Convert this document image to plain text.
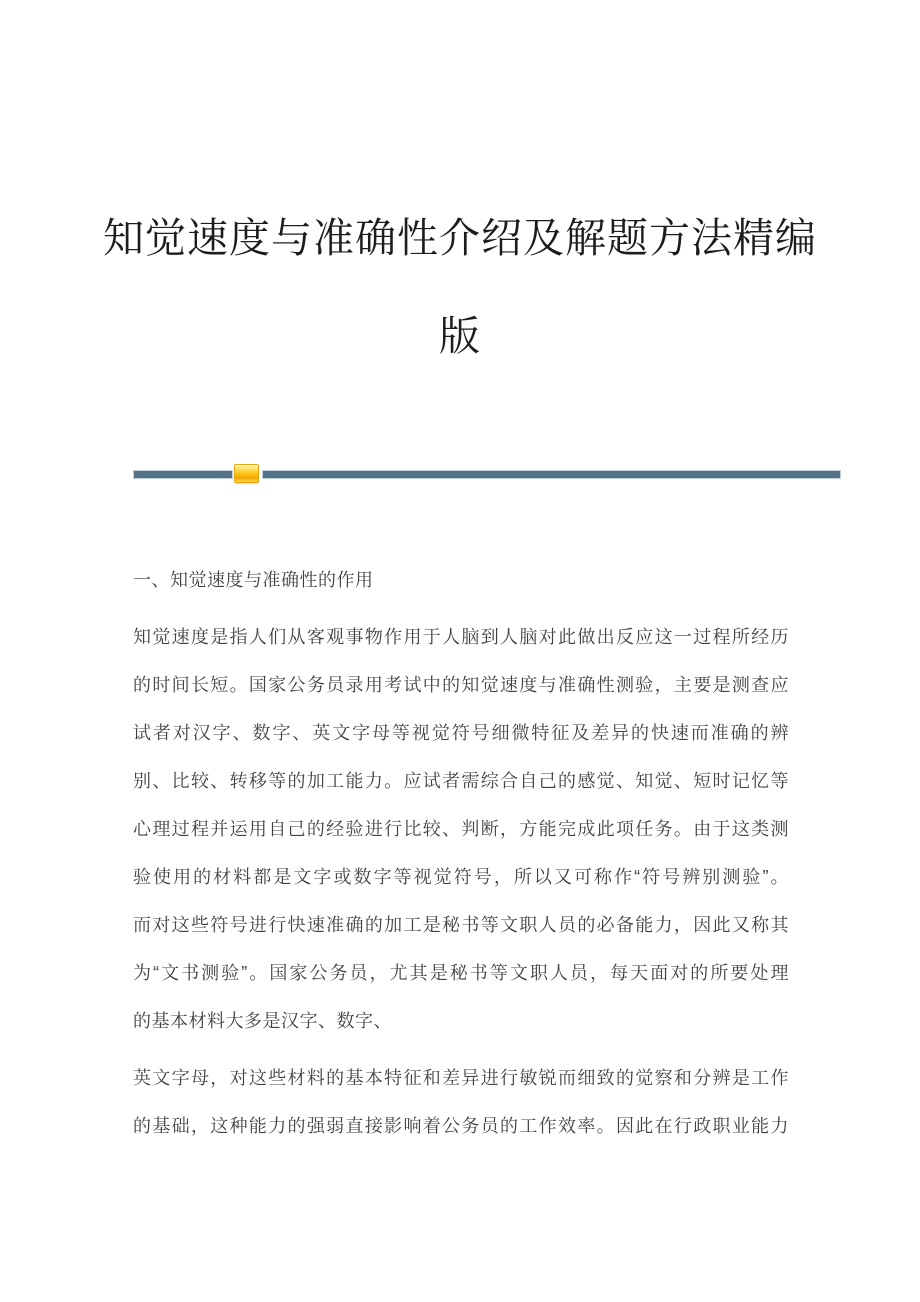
知觉速度与准确性介绍及解题方法精编
版
一、知觉速度与准确性的作用
知觉速度是指人们从客观事物作用于人脑到人脑对此做出反应这一过程所经历
的时间长短。国家公务员录用考试中的知觉速度与准确性测验，主要是测查应
试者对汉字、数字、英文字母等视觉符号细微特征及差异的快速而准确的辨
别、比较、转移等的加工能力。应试者需综合自己的感觉、知觉、短时记忆等
心理过程并运用自己的经验进行比较、判断，方能完成此项任务。由于这类测
验使用的材料都是文字或数字等视觉符号，所以又可称作“符号辨别测验”。
而对这些符号进行快速准确的加工是秘书等文职人员的必备能力，因此又称其
为“文书测验”。国家公务员，尤其是秘书等文职人员，每天面对的所要处理
的基本材料大多是汉字、数字、
英文字母，对这些材料的基本特征和差异进行敏锐而细致的觉察和分辨是工作
的基础，这种能力的强弱直接影响着公务员的工作效率。因此在行政职业能力
